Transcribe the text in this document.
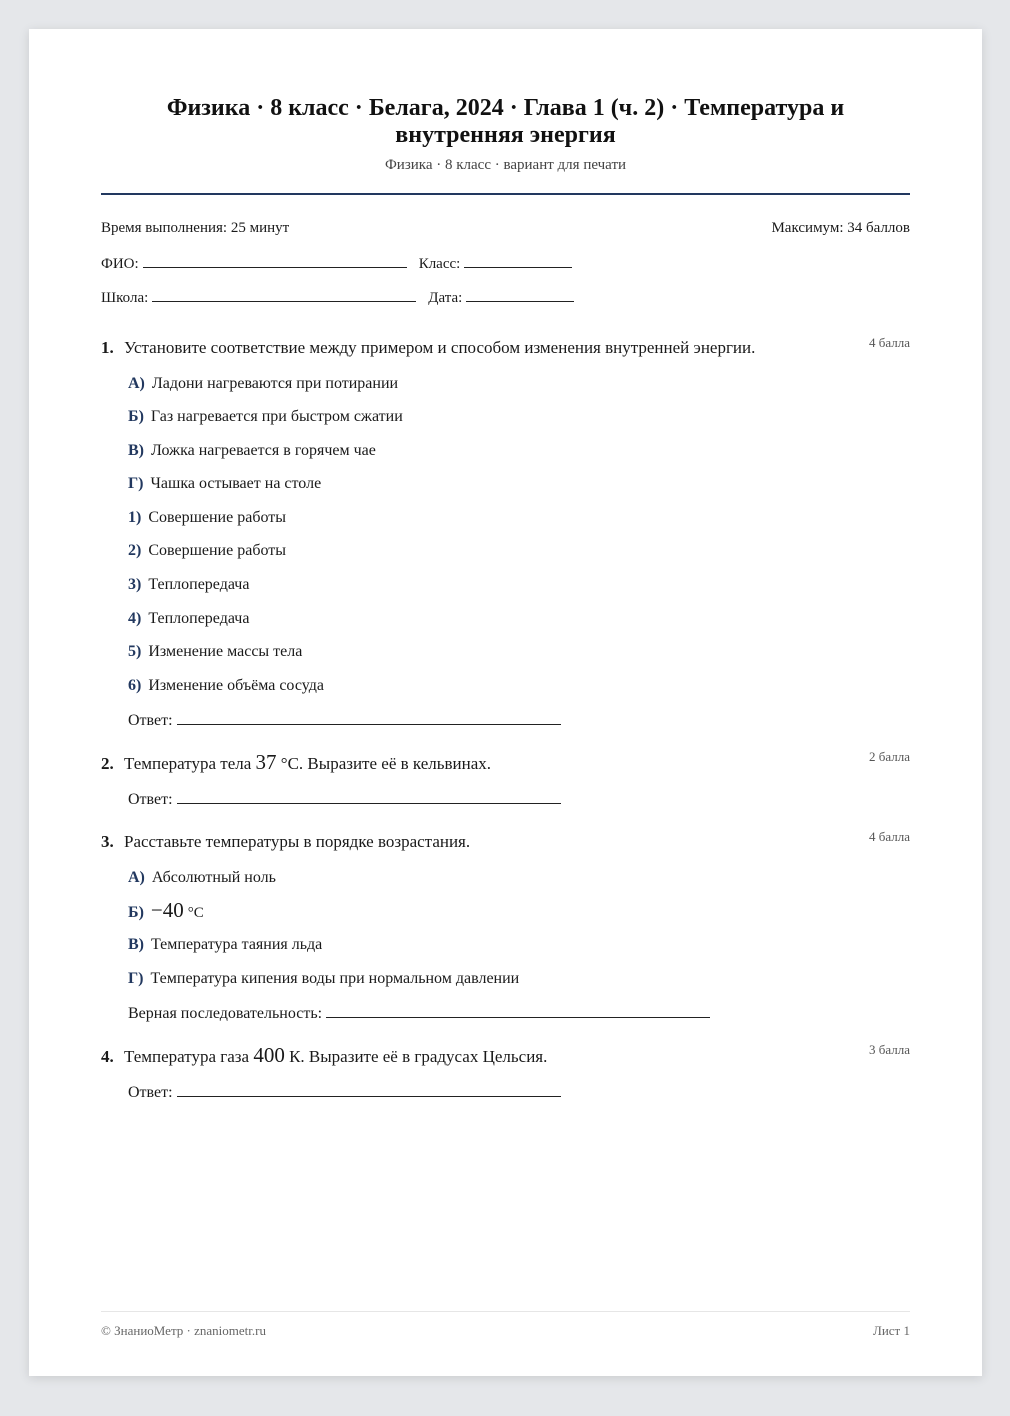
Физика · 8 класс · Белага, 2024 · Глава 1 (ч. 2) · Температура и внутренняя энергия
Физика · 8 класс · вариант для печати
Время выполнения: 25 минут	Максимум: 34 баллов
ФИО:	Класс:
Школа:	Дата:
1. Установите соответствие между примером и способом изменения внутренней энергии.	4 балла
А) Ладони нагреваются при потирании
Б) Газ нагревается при быстром сжатии
В) Ложка нагревается в горячем чае
Г) Чашка остывает на столе
1) Совершение работы
2) Совершение работы
3) Теплопередача
4) Теплопередача
5) Изменение массы тела
6) Изменение объёма сосуда
Ответ:
2. Температура тела 37 °C. Выразите её в кельвинах.	2 балла
Ответ:
3. Расставьте температуры в порядке возрастания.	4 балла
А) Абсолютный ноль
Б) −40 °C
В) Температура таяния льда
Г) Температура кипения воды при нормальном давлении
Верная последовательность:
4. Температура газа 400 К. Выразите её в градусах Цельсия.	3 балла
Ответ:
© ЗнаниоМетр · znaniometr.ru	Лист 1
